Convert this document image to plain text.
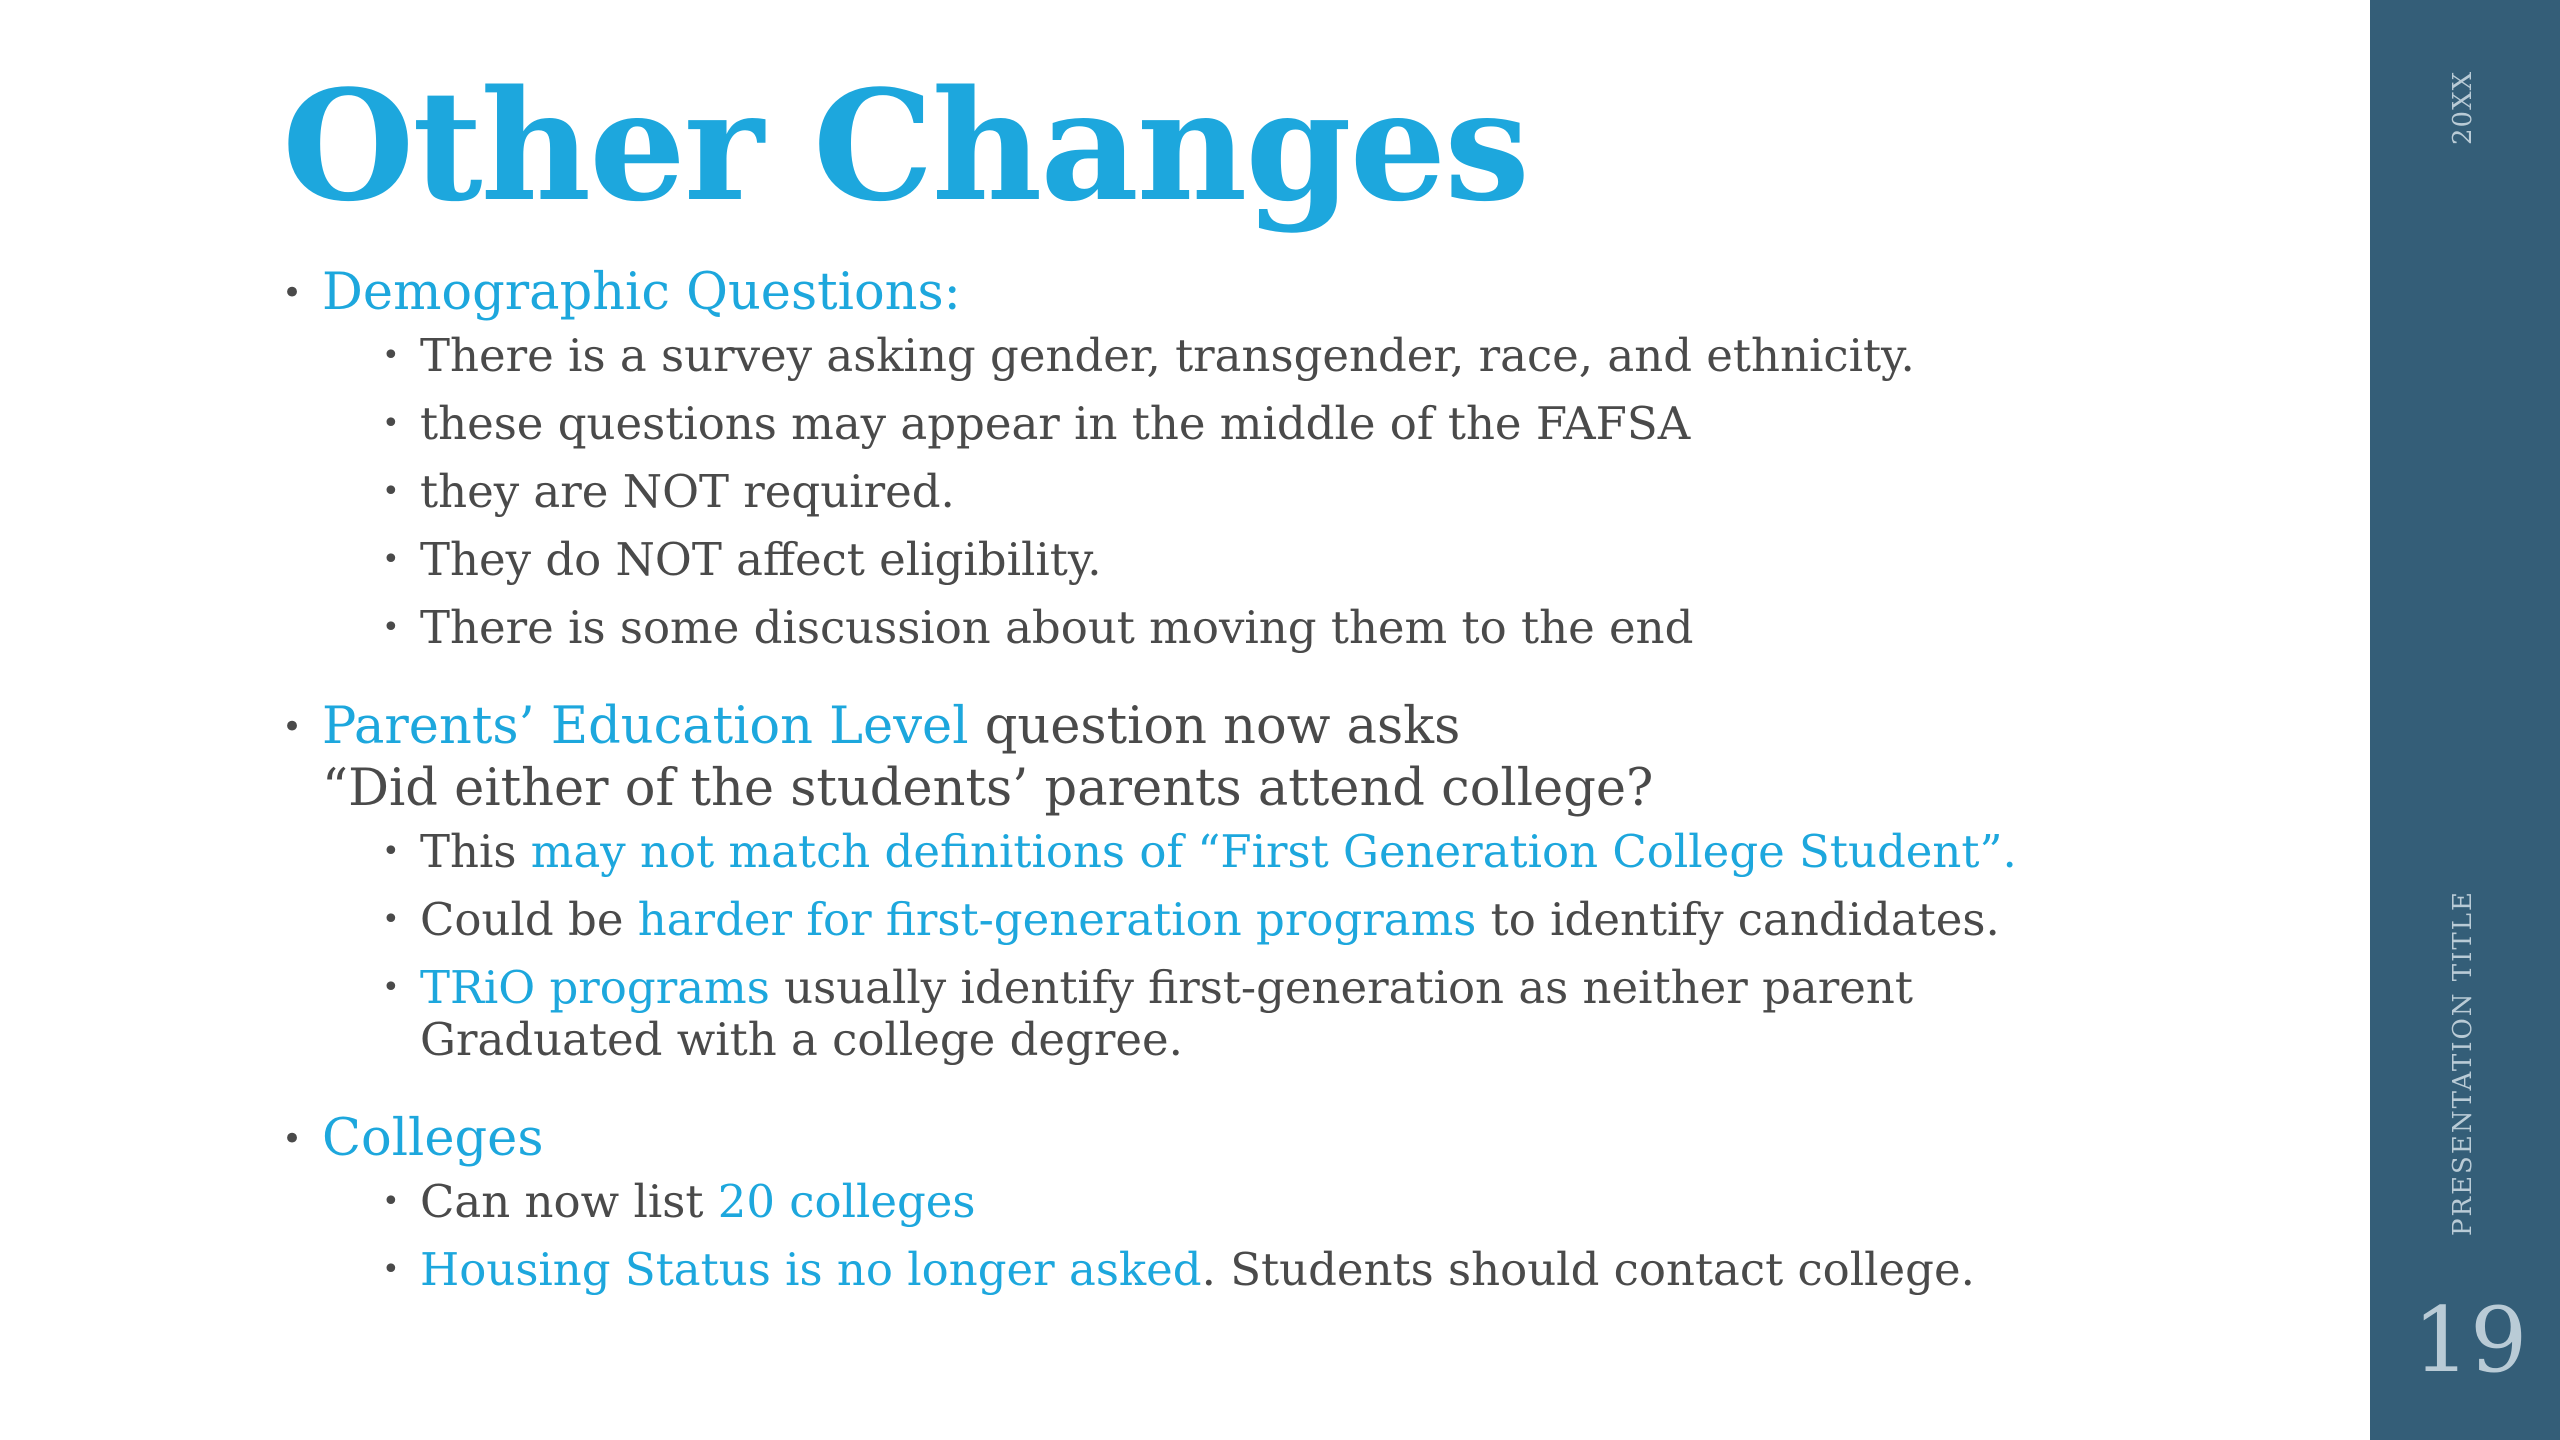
Other Changes
• Demographic Questions:
• There is a survey asking gender, transgender, race, and ethnicity.
• these questions may appear in the middle of the FAFSA
• they are NOT required.
• They do NOT affect eligibility.
• There is some discussion about moving them to the end
• Parents’ Education Level question now asks
“Did either of the students’ parents attend college?
• This may not match definitions of “First Generation College Student”.
• Could be harder for first-generation programs to identify candidates.
• TRiO programs usually identify first-generation as neither parent
Graduated with a college degree.
• Colleges
• Can now list 20 colleges
• Housing Status is no longer asked. Students should contact college.
20XX
PRESENTATION TITLE
19
